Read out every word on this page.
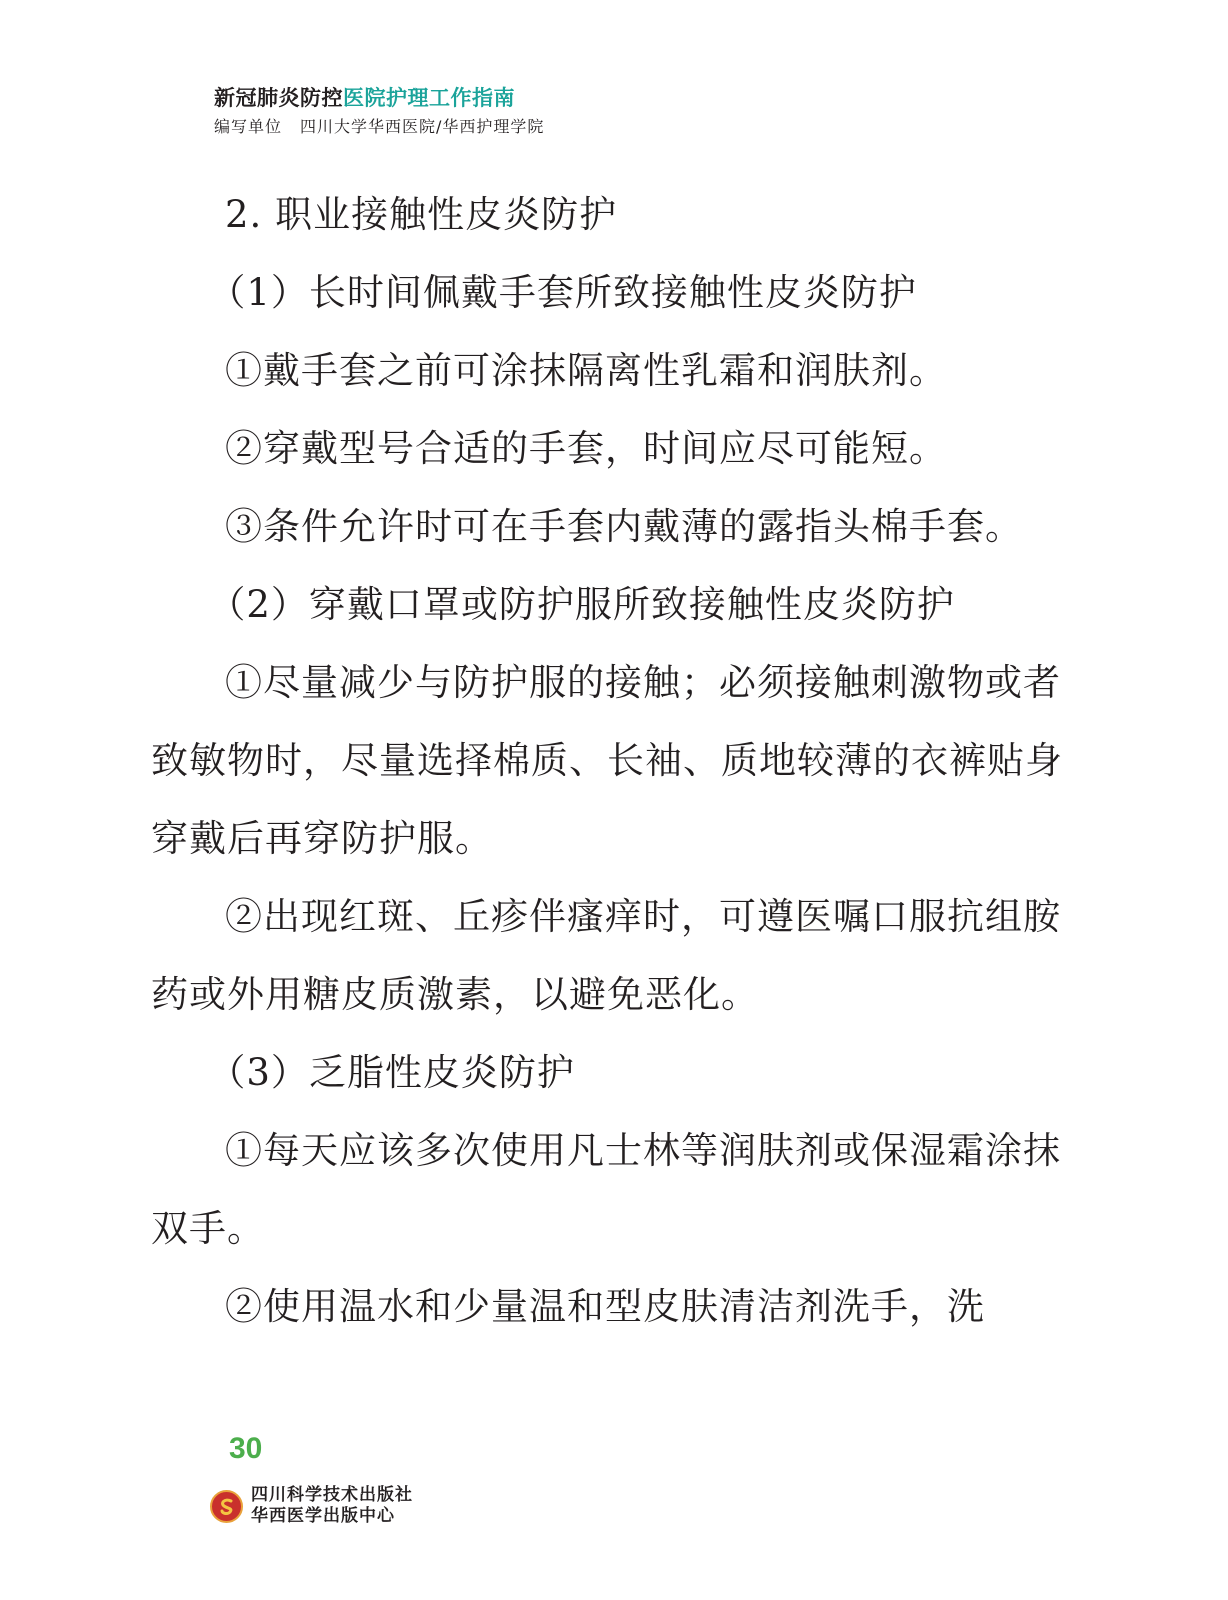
新冠肺炎防控医院护理工作指南
编写单位 四川大学华西医院/华西护理学院

2. 职业接触性皮炎防护

（1）长时间佩戴手套所致接触性皮炎防护

①戴手套之前可涂抹隔离性乳霜和润肤剂。

②穿戴型号合适的手套，时间应尽可能短。

③条件允许时可在手套内戴薄的露指头棉手套。

（2）穿戴口罩或防护服所致接触性皮炎防护

①尽量减少与防护服的接触；必须接触刺激物或者致敏物时，尽量选择棉质、长袖、质地较薄的衣裤贴身穿戴后再穿防护服。

②出现红斑、丘疹伴瘙痒时，可遵医嘱口服抗组胺药或外用糖皮质激素，以避免恶化。

（3）乏脂性皮炎防护

①每天应该多次使用凡士林等润肤剂或保湿霜涂抹双手。

②使用温水和少量温和型皮肤清洁剂洗手，洗

30
四川科学技术出版社
华西医学出版中心
